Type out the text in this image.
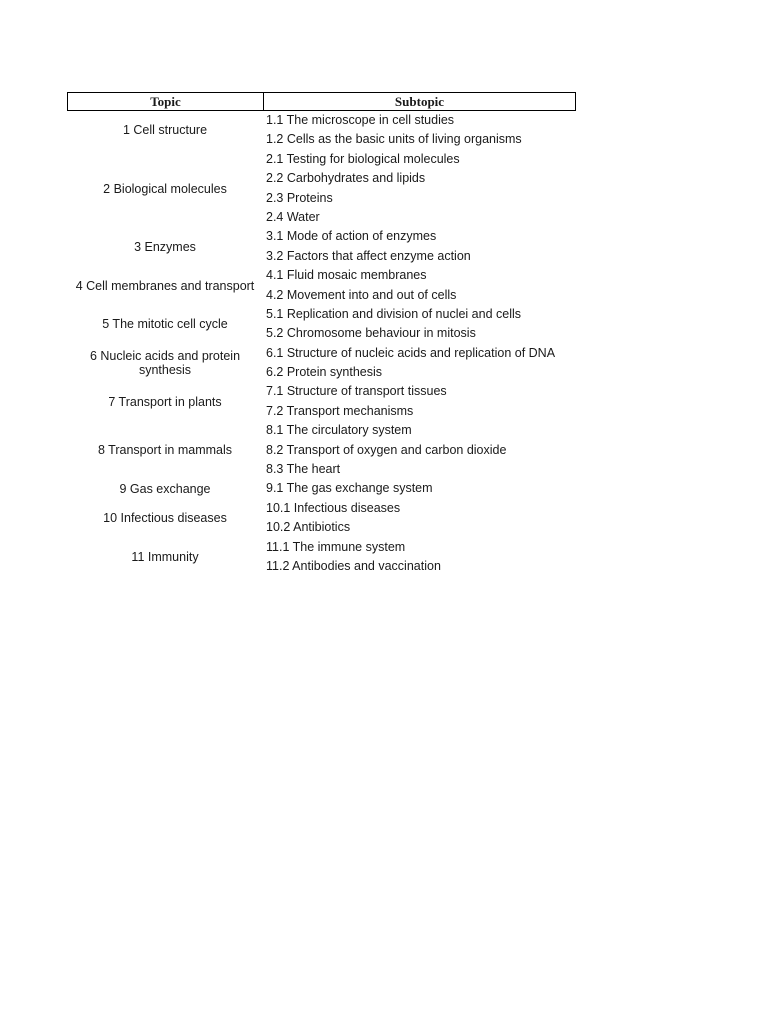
Topic	Subtopic
1 Cell structure
1.1 The microscope in cell studies
1.2 Cells as the basic units of living organisms
2 Biological molecules
2.1 Testing for biological molecules
2.2 Carbohydrates and lipids
2.3 Proteins
2.4 Water
3 Enzymes
3.1 Mode of action of enzymes
3.2 Factors that affect enzyme action
4 Cell membranes and transport
4.1 Fluid mosaic membranes
4.2 Movement into and out of cells
5 The mitotic cell cycle
5.1 Replication and division of nuclei and cells
5.2 Chromosome behaviour in mitosis
6 Nucleic acids and protein synthesis
6.1 Structure of nucleic acids and replication of DNA
6.2 Protein synthesis
7 Transport in plants
7.1 Structure of transport tissues
7.2 Transport mechanisms
8 Transport in mammals
8.1 The circulatory system
8.2 Transport of oxygen and carbon dioxide
8.3 The heart
9 Gas exchange	9.1 The gas exchange system
10 Infectious diseases
10.1 Infectious diseases
10.2 Antibiotics
11 Immunity
11.1 The immune system
11.2 Antibodies and vaccination
